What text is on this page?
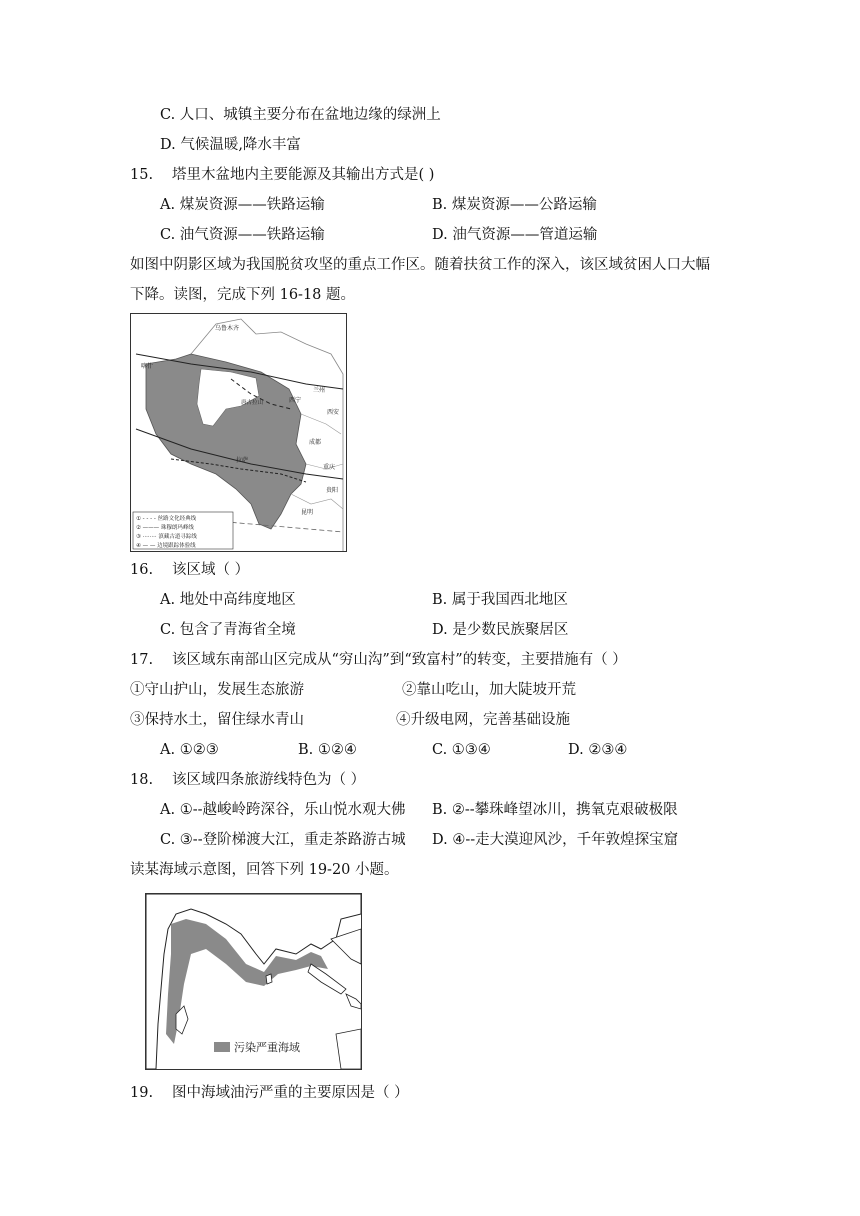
C. 人口、城镇主要分布在盆地边缘的绿洲上
D. 气候温暖,降水丰富
15. 塔里木盆地内主要能源及其输出方式是( )
A. 煤炭资源——铁路运输	B. 煤炭资源——公路运输
C. 油气资源——铁路运输	D. 油气资源——管道运输
如图中阴影区域为我国脱贫攻坚的重点工作区。随着扶贫工作的深入，该区域贫困人口大幅
下降。读图，完成下列 16-18 题。
乌鲁木齐
喀什
唐古拉山
拉萨
成都
重庆
贵阳
昆明
兰州
西宁
西安
① - - - - 丝路文化经典线
② ——— 珠穆朗玛峰线
③ ········ 滇藏古道寻踪线
④ — — 边境跟踪体验线
16. 该区域（ ）
A. 地处中高纬度地区	B. 属于我国西北地区
C. 包含了青海省全境	D. 是少数民族聚居区
17. 该区域东南部山区完成从“穷山沟”到“致富村”的转变，主要措施有（ ）
①守山护山，发展生态旅游	②靠山吃山，加大陡坡开荒
③保持水土，留住绿水青山	④升级电网，完善基础设施
A. ①②③	B. ①②④	C. ①③④	D. ②③④
18. 该区域四条旅游线特色为（ ）
A. ①--越峻岭跨深谷，乐山悦水观大佛 B. ②--攀珠峰望冰川，携氧克艰破极限
C. ③--登阶梯渡大江，重走茶路游古城 D. ④--走大漠迎风沙，千年敦煌探宝窟
读某海域示意图，回答下列 19-20 小题。
污染严重海域
19. 图中海域油污严重的主要原因是（ ）
